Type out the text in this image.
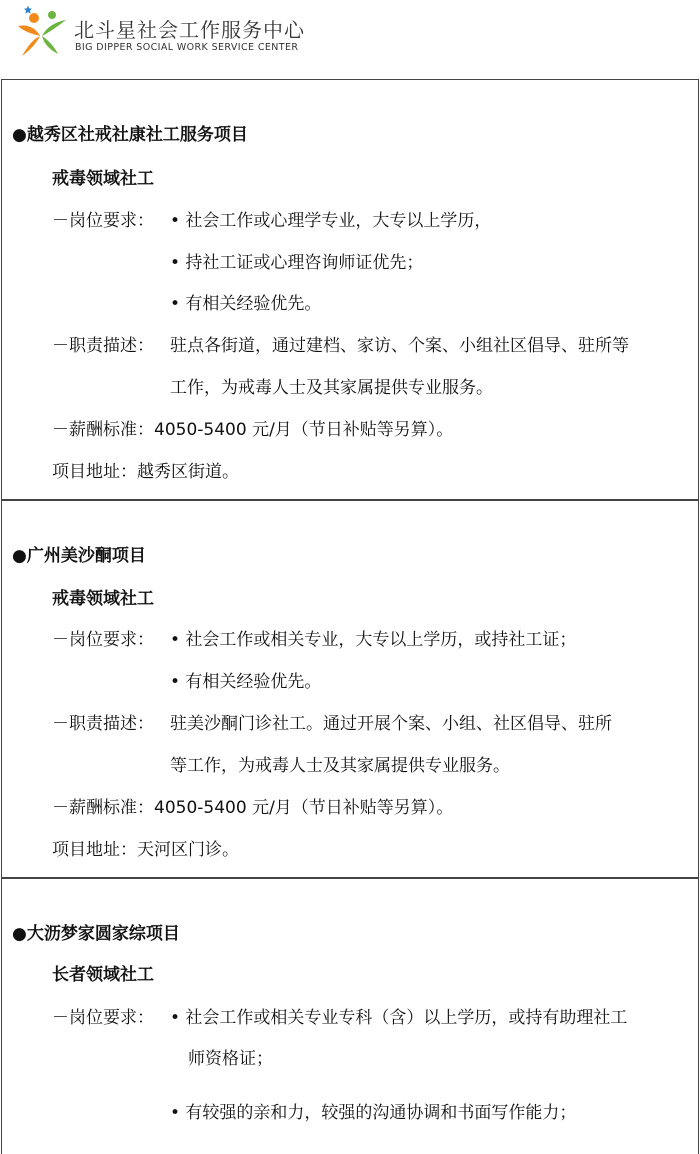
北斗星社会工作服务中心
BIG DIPPER SOCIAL WORK SERVICE CENTER
●越秀区社戒社康社工服务项目
戒毒领域社工
－岗位要求： • 社会工作或心理学专业，大专以上学历，
• 持社工证或心理咨询师证优先；
• 有相关经验优先。
－职责描述： 驻点各街道，通过建档、家访、个案、小组社区倡导、驻所等
工作，为戒毒人士及其家属提供专业服务。
－薪酬标准：4050-5400 元/月（节日补贴等另算）。
项目地址：越秀区街道。
●广州美沙酮项目
戒毒领域社工
－岗位要求： • 社会工作或相关专业，大专以上学历，或持社工证；
• 有相关经验优先。
－职责描述： 驻美沙酮门诊社工。通过开展个案、小组、社区倡导、驻所
等工作，为戒毒人士及其家属提供专业服务。
－薪酬标准：4050-5400 元/月（节日补贴等另算）。
项目地址：天河区门诊。
●大沥梦家圆家综项目
长者领域社工
－岗位要求： • 社会工作或相关专业专科（含）以上学历，或持有助理社工
师资格证；
• 有较强的亲和力，较强的沟通协调和书面写作能力；
